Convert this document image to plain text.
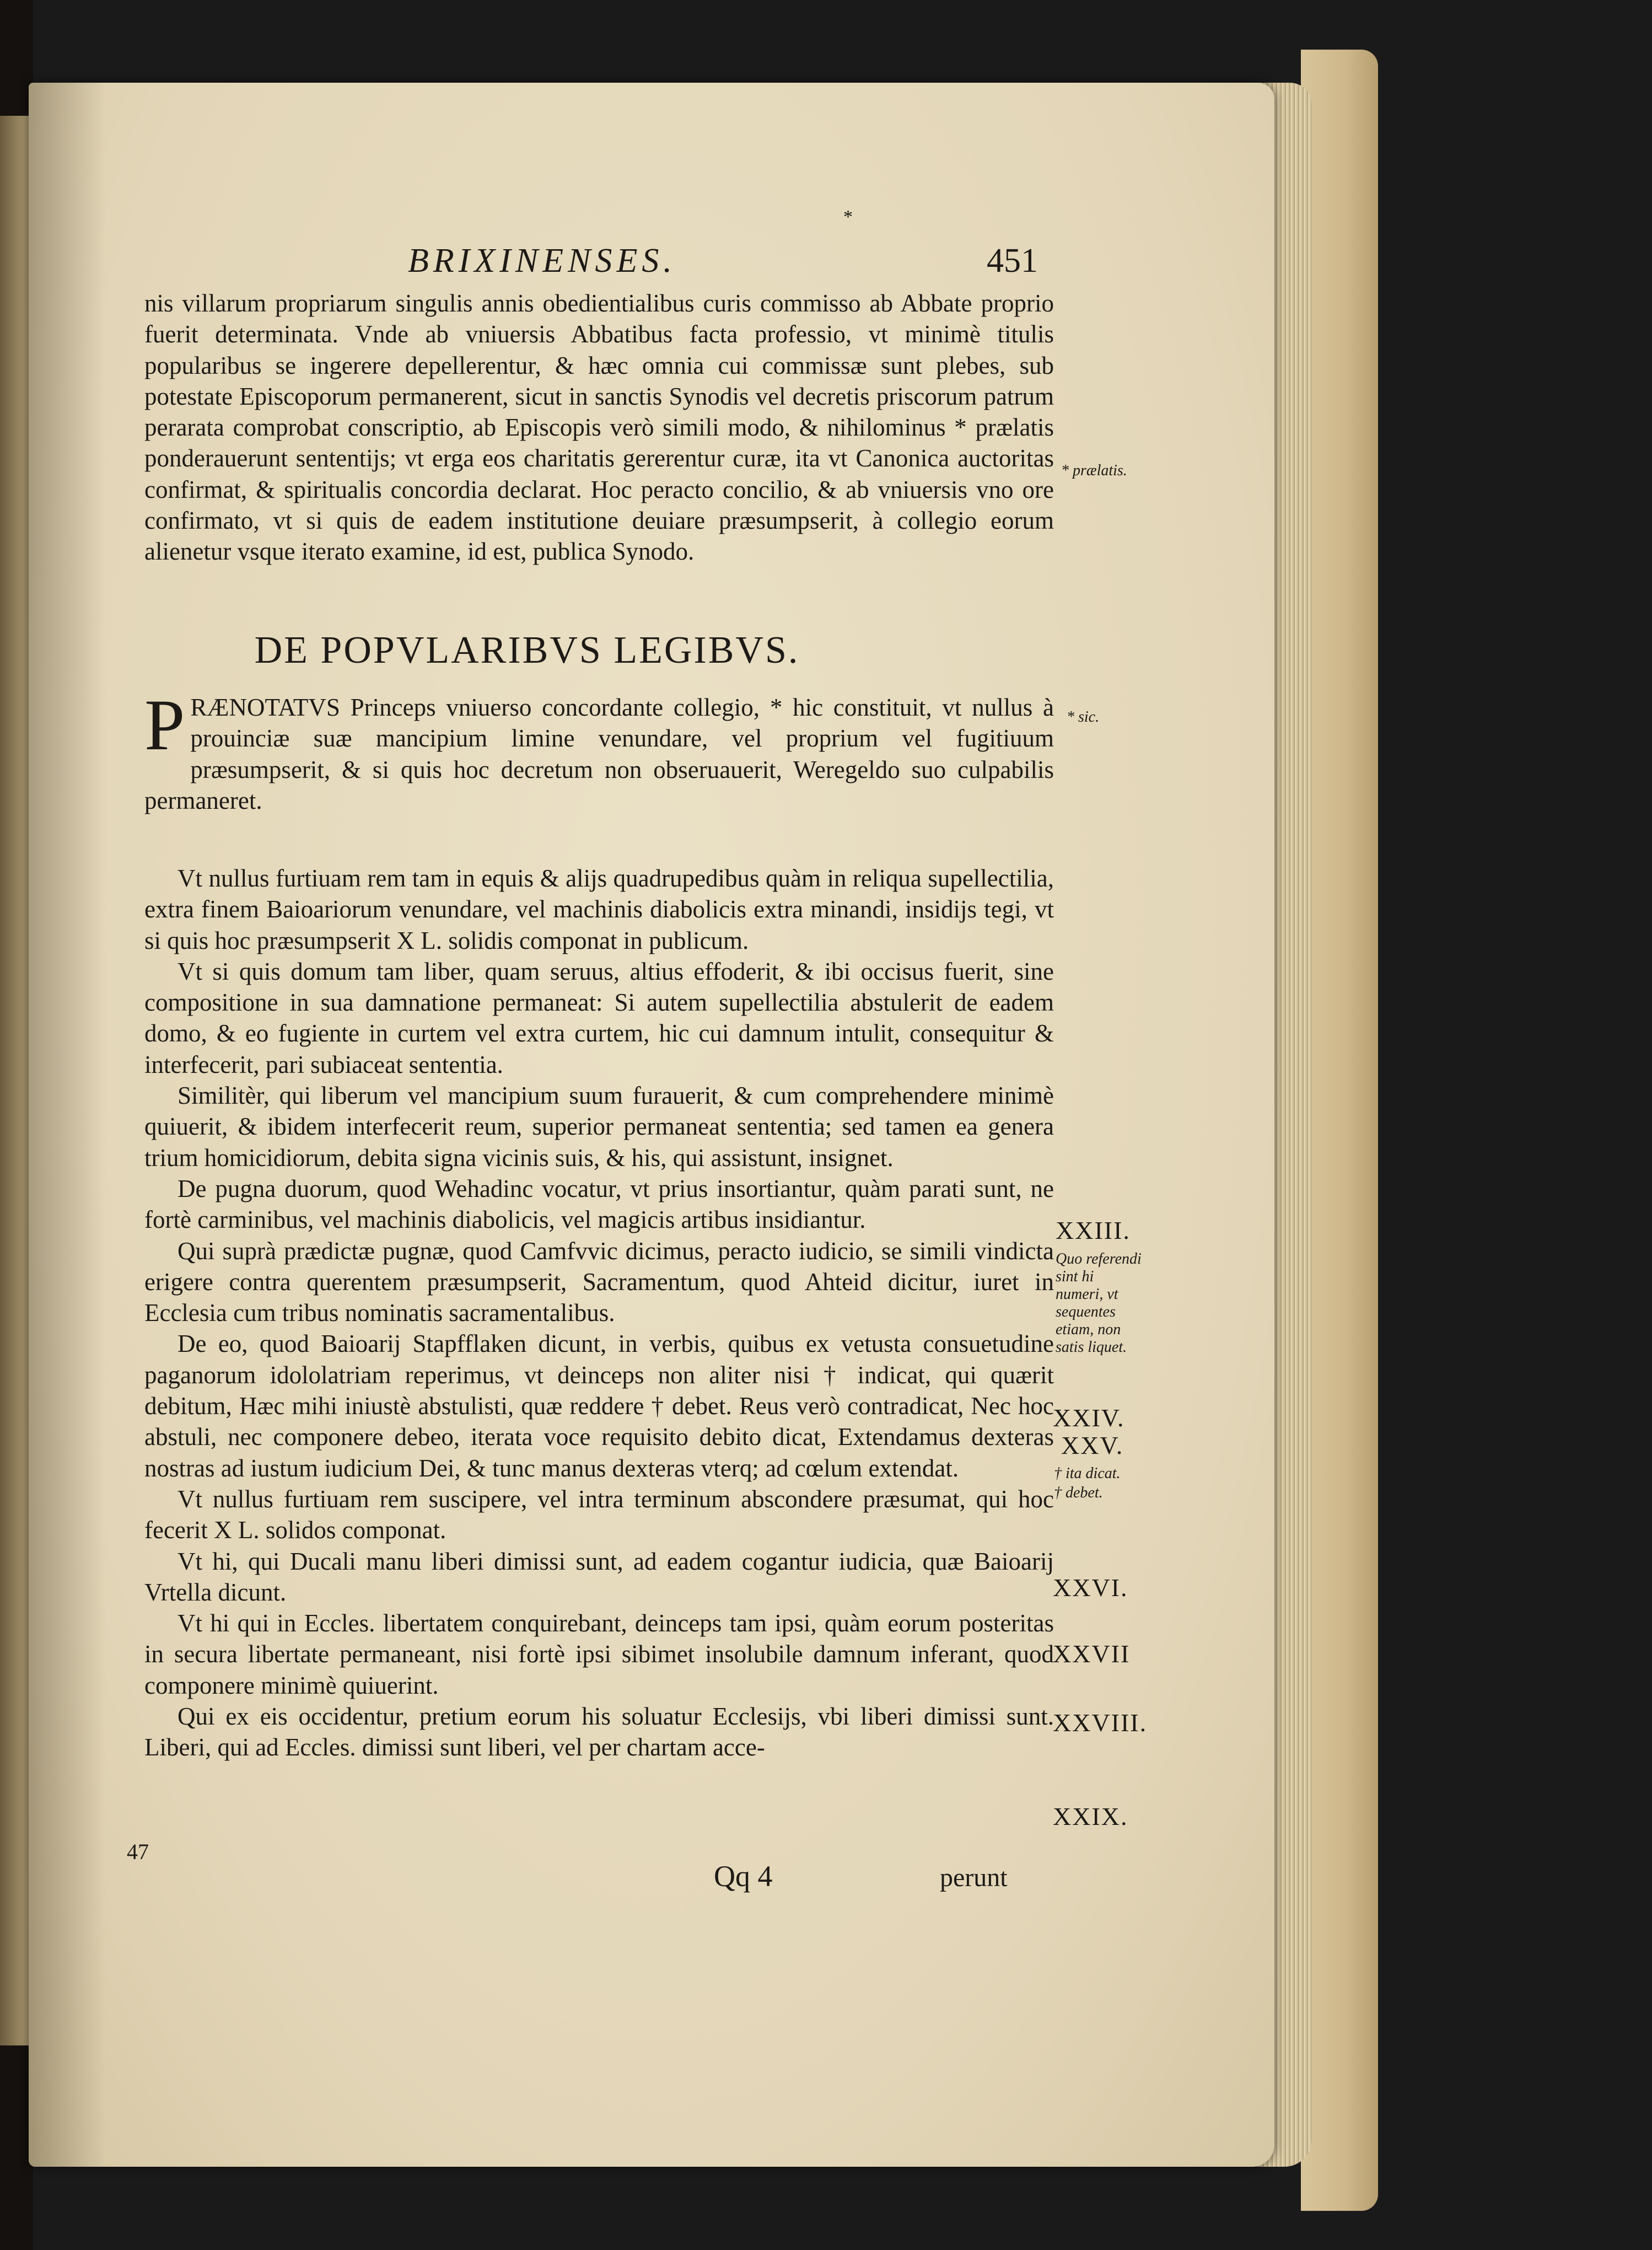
*
BRIXINENSES.	451

nis villarum propriarum singulis annis obedientialibus curis commisso ab Abbate proprio fuerit determinata. Vnde ab vniuersis Abbatibus facta professio, vt minimè titulis popularibus se ingerere depellerentur, & hæc omnia cui commissæ sunt plebes, sub potestate Episcoporum permanerent, sicut in sanctis Synodis vel decretis priscorum patrum perarata comprobat conscriptio, ab Episcopis verò simili modo, & nihilominus * prælatis ponderauerunt sententijs; vt erga eos charitatis gererentur curæ, ita vt Canonica auctoritas confirmat, & spiritualis concordia declarat. Hoc peracto concilio, & ab vniuersis vno ore confirmato, vt si quis de eadem institutione deuiare præsumpserit, à collegio eorum alienetur vsque iterato examine, id est, publica Synodo.

DE POPVLARIBVS LEGIBVS.

P RÆNOTATVS Princeps vniuerso concordante collegio, * hic constituit, vt nullus à prouinciæ suæ mancipium limine venundare, vel proprium vel fugitiuum præsumpserit, & si quis hoc decretum non obseruauerit, Weregeldo suo culpabilis permaneret.

Vt nullus furtiuam rem tam in equis & alijs quadrupedibus quàm in reliqua supellectilia, extra finem Baioariorum venundare, vel machinis diabolicis extra minandi, insidijs tegi, vt si quis hoc præsumpserit X L. solidis componat in publicum.

Vt si quis domum tam liber, quam seruus, altius effoderit, & ibi occisus fuerit, sine compositione in sua damnatione permaneat: Si autem supellectilia abstulerit de eadem domo, & eo fugiente in curtem vel extra curtem, hic cui damnum intulit, consequitur & interfecerit, pari subiaceat sententia.

Similitèr, qui liberum vel mancipium suum furauerit, & cum comprehendere minimè quiuerit, & ibidem interfecerit reum, superior permaneat sententia; sed tamen ea genera trium homicidiorum, debita signa vicinis suis, & his, qui assistunt, insignet.

De pugna duorum, quod Wehadinc vocatur, vt prius insortiantur, quàm parati sunt, ne fortè carminibus, vel machinis diabolicis, vel magicis artibus insidiantur.

Qui suprà prædictæ pugnæ, quod Camfvvic dicimus, peracto iudicio, se simili vindicta erigere contra querentem præsumpserit, Sacramentum, quod Ahteid dicitur, iuret in Ecclesia cum tribus nominatis sacramentalibus.

De eo, quod Baioarij Stapfflaken dicunt, in verbis, quibus ex vetusta consuetudine paganorum idololatriam reperimus, vt deinceps non aliter nisi † indicat, qui quærit debitum, Hæc mihi iniustè abstulisti, quæ reddere † debet. Reus verò contradicat, Nec hoc abstuli, nec componere debeo, iterata voce requisito debito dicat, Extendamus dexteras nostras ad iustum iudicium Dei, & tunc manus dexteras vterq; ad cœlum extendat.

Vt nullus furtiuam rem suscipere, vel intra terminum abscondere præsumat, qui hoc fecerit X L. solidos componat.

Vt hi, qui Ducali manu liberi dimissi sunt, ad eadem cogantur iudicia, quæ Baioarij Vrtella dicunt.

Vt hi qui in Eccles. libertatem conquirebant, deinceps tam ipsi, quàm eorum posteritas in secura libertate permaneant, nisi fortè ipsi sibimet insolubile damnum inferant, quod componere minimè quiuerint.

Qui ex eis occidentur, pretium eorum his soluatur Ecclesijs, vbi liberi dimissi sunt. Liberi, qui ad Eccles. dimissi sunt liberi, vel per chartam acce-

* prælatis.
* sic.
XXIII.
Quo referendi sint hi numeri, vt sequentes etiam, non satis liquet.
XXIV.
XXV.
† ita dicat.
† debet.
XXVI.
XXVII
XXVIII.
XXIX.
47
Qq 4	perunt
